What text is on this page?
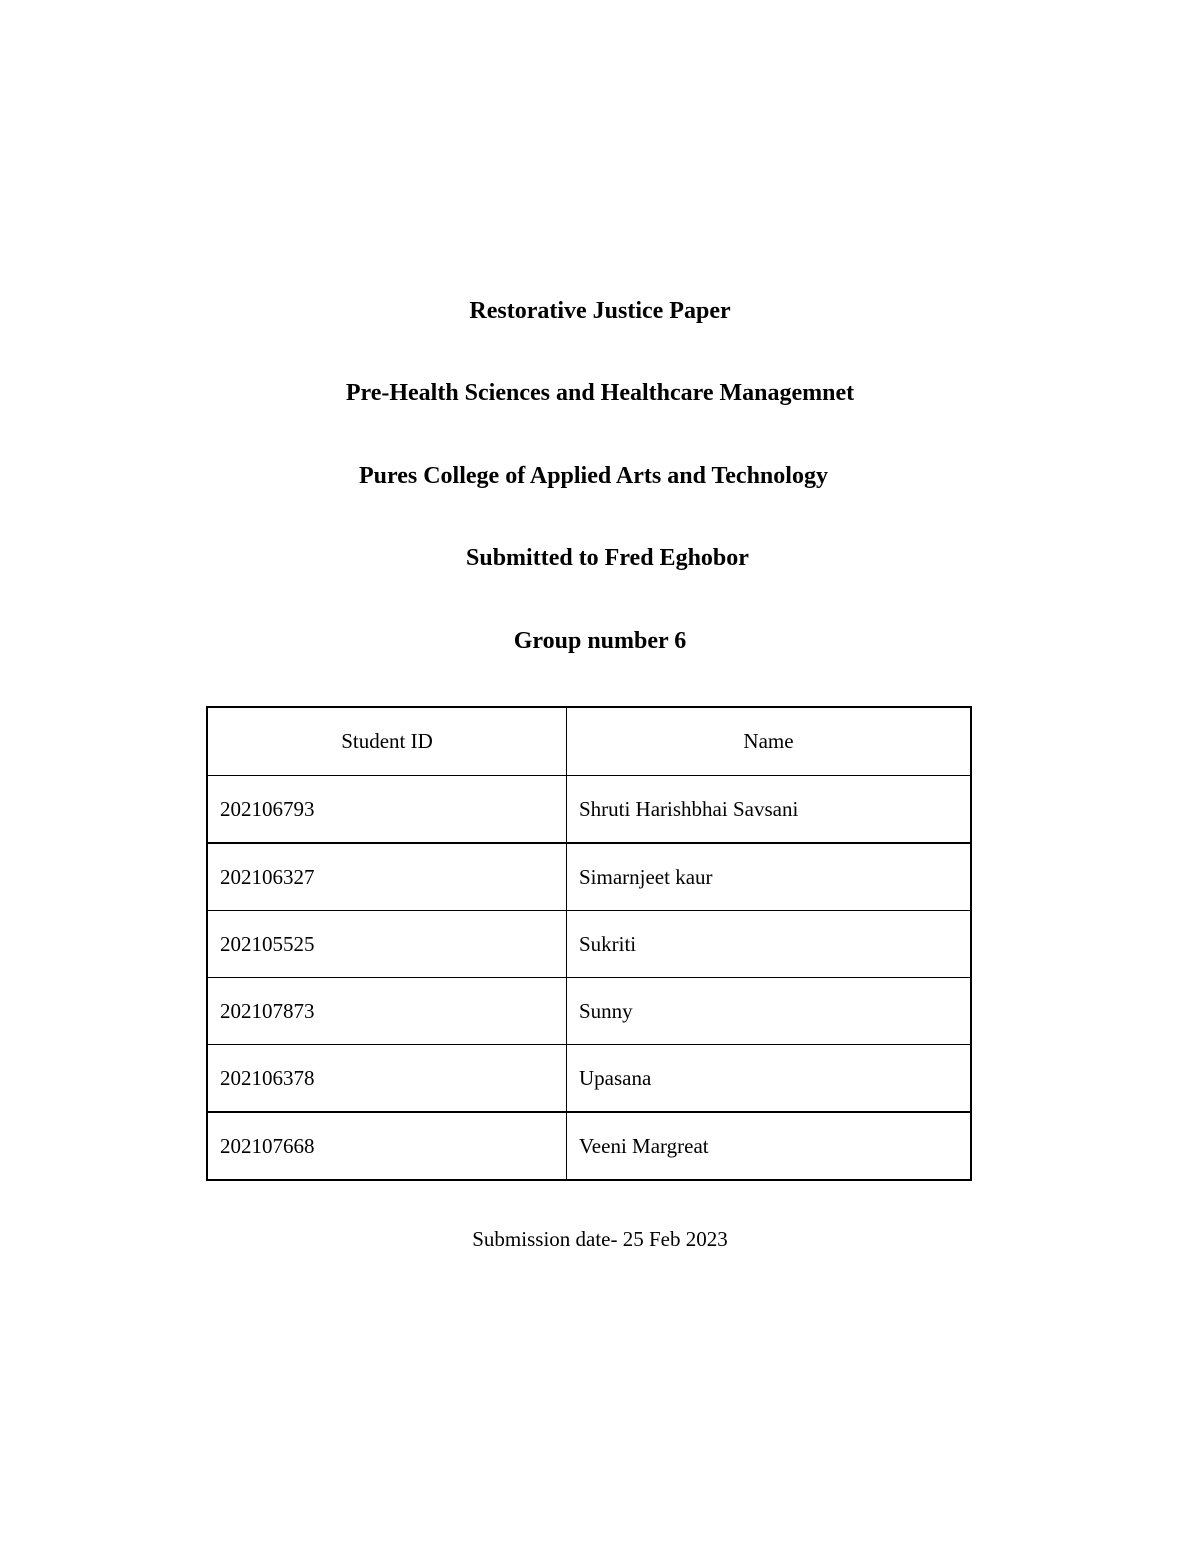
Restorative Justice Paper

Pre-Health Sciences and Healthcare Managemnet

Pures College of Applied Arts and Technology

Submitted to Fred Eghobor

Group number 6

Student ID	Name
202106793	Shruti Harishbhai Savsani
202106327	Simarnjeet kaur
202105525	Sukriti
202107873	Sunny
202106378	Upasana
202107668	Veeni Margreat

Submission date- 25 Feb 2023
